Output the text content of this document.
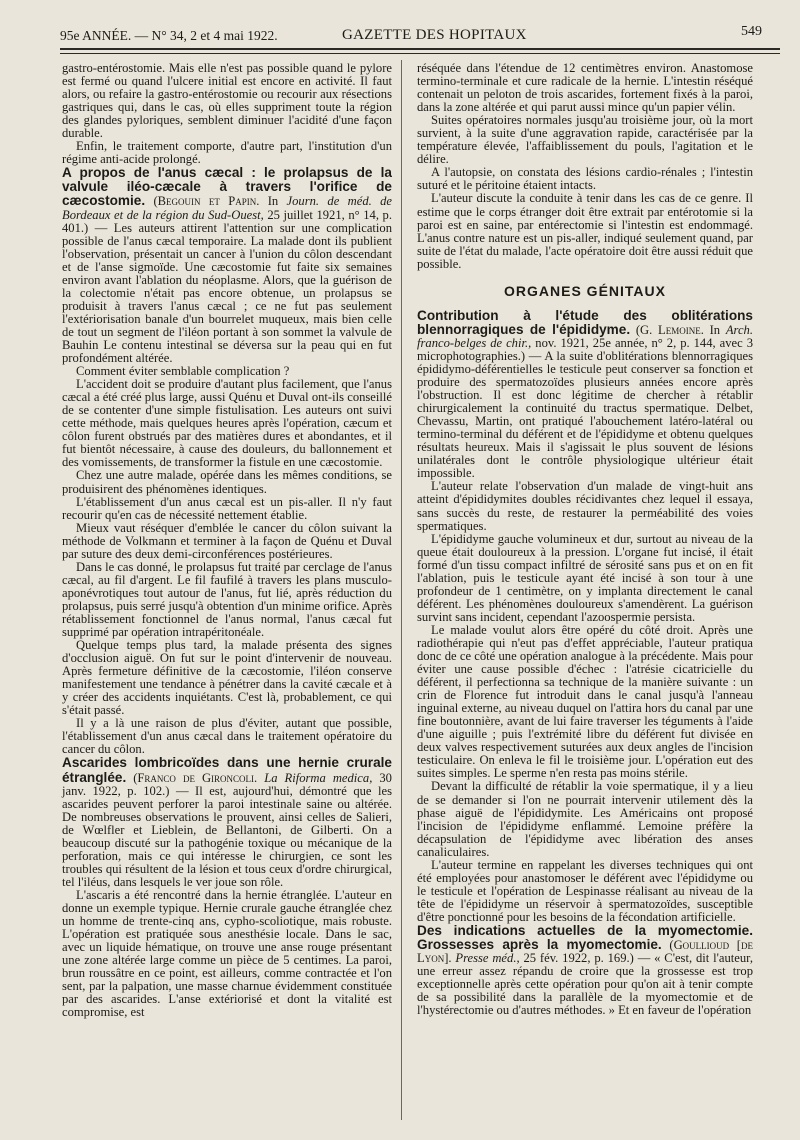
95e ANNÉE. — N° 34, 2 et 4 mai 1922.	GAZETTE DES HOPITAUX	549

gastro-entérostomie. Mais elle n'est pas possible quand le pylore est fermé ou quand l'ulcere initial est encore en activité. Il faut alors, ou refaire la gastro-entérostomie ou recourir aux résections gastriques qui, dans le cas, où elles suppriment toute la région des glandes pyloriques, semblent diminuer l'acidité d'une façon durable.

Enfin, le traitement comporte, d'autre part, l'institution d'un régime anti-acide prolongé.

A propos de l'anus cæcal : le prolapsus de la valvule iléo-cæcale à travers l'orifice de cæcostomie. (Begouin et Papin. In Journ. de méd. de Bordeaux et de la région du Sud-Ouest, 25 juillet 1921, n° 14, p. 401.) — Les auteurs attirent l'attention sur une complication possible de l'anus cæcal temporaire. La malade dont ils publient l'observation, présentait un cancer à l'union du côlon descendant et de l'anse sigmoïde. Une cæcostomie fut faite six semaines environ avant l'ablation du néoplasme. Alors, que la guérison de la colectomie n'était pas encore obtenue, un prolapsus se produisit à travers l'anus cæcal ; ce ne fut pas seulement l'extériorisation banale d'un bourrelet muqueux, mais bien celle de tout un segment de l'iléon portant à son sommet la valvule de Bauhin Le contenu intestinal se déversa sur la peau qui en fut profondément altérée.

Comment éviter semblable complication ?

L'accident doit se produire d'autant plus facilement, que l'anus cæcal a été créé plus large, aussi Quénu et Duval ont-ils conseillé de se contenter d'une simple fistulisation. Les auteurs ont suivi cette méthode, mais quelques heures après l'opération, cæcum et côlon furent obstrués par des matières dures et abondantes, et il fut bientôt nécessaire, à cause des douleurs, du ballonnement et des vomissements, de transformer la fistule en une cæcostomie.

Chez une autre malade, opérée dans les mêmes conditions, se produisirent des phénomènes identiques.

L'établissement d'un anus cæcal est un pis-aller. Il n'y faut recourir qu'en cas de nécessité nettement établie.

Mieux vaut réséquer d'emblée le cancer du côlon suivant la méthode de Volkmann et terminer à la façon de Quénu et Duval par suture des deux demi-circonférences postérieures.

Dans le cas donné, le prolapsus fut traité par cerclage de l'anus cæcal, au fil d'argent. Le fil faufilé à travers les plans musculo-aponévrotiques tout autour de l'anus, fut lié, après réduction du prolapsus, puis serré jusqu'à obtention d'un minime orifice. Après rétablissement fonctionnel de l'anus normal, l'anus cæcal fut supprimé par opération intrapéritonéale.

Quelque temps plus tard, la malade présenta des signes d'occlusion aiguë. On fut sur le point d'intervenir de nouveau. Après fermeture définitive de la cæcostomie, l'iléon conserve manifestement une tendance à pénétrer dans la cavité cæcale et à y créer des accidents inquiétants. C'est là, probablement, ce qui s'était passé.

Il y a là une raison de plus d'éviter, autant que possible, l'établissement d'un anus cæcal dans le traitement opératoire du cancer du côlon.

Ascarides lombricoïdes dans une hernie crurale étranglée. (Franco de Gironcoli. La Riforma medica, 30 janv. 1922, p. 102.) — Il est, aujourd'hui, démontré que les ascarides peuvent perforer la paroi intestinale saine ou altérée. De nombreuses observations le prouvent, ainsi celles de Salieri, de Wœlfler et Lieblein, de Bellantoni, de Gilberti. On a beaucoup discuté sur la pathogénie toxique ou mécanique de la perforation, mais ce qui intéresse le chirurgien, ce sont les troubles qui résultent de la lésion et tous ceux d'ordre chirurgical, tel l'iléus, dans lesquels le ver joue son rôle.

L'ascaris a été rencontré dans la hernie étranglée. L'auteur en donne un exemple typique. Hernie crurale gauche étranglée chez un homme de trente-cinq ans, cypho-scoliotique, mais robuste. L'opération est pratiquée sous anesthésie locale. Dans le sac, avec un liquide hématique, on trouve une anse rouge présentant une zone altérée large comme un pièce de 5 centimes. La paroi, brun roussâtre en ce point, est ailleurs, comme contractée et l'on sent, par la palpation, une masse charnue évidemment constituée par des ascarides. L'anse extériorisé et dont la vitalité est compromise, est

réséquée dans l'étendue de 12 centimètres environ. Anastomose termino-terminale et cure radicale de la hernie. L'intestin réséqué contenait un peloton de trois ascarides, fortement fixés à la paroi, dans la zone altérée et qui parut aussi mince qu'un papier vélin.

Suites opératoires normales jusqu'au troisième jour, où la mort survient, à la suite d'une aggravation rapide, caractérisée par la température élevée, l'affaiblissement du pouls, l'agitation et le délire.

A l'autopsie, on constata des lésions cardio-rénales ; l'intestin suturé et le péritoine étaient intacts.

L'auteur discute la conduite à tenir dans les cas de ce genre. Il estime que le corps étranger doit être extrait par entérotomie si la paroi est en saine, par entérectomie si l'intestin est endommagé. L'anus contre nature est un pis-aller, indiqué seulement quand, par suite de l'état du malade, l'acte opératoire doit être aussi réduit que possible.

ORGANES GÉNITAUX

Contribution à l'étude des oblitérations blennorragiques de l'épididyme. (G. Lemoine. In Arch. franco-belges de chir., nov. 1921, 25e année, n° 2, p. 144, avec 3 microphotographies.) — A la suite d'oblitérations blennorragiques épididymo-déférentielles le testicule peut conserver sa fonction et produire des spermatozoïdes plusieurs années encore après l'obstruction. Il est donc légitime de chercher à rétablir chirurgicalement la continuité du tractus spermatique. Delbet, Chevassu, Martin, ont pratiqué l'abouchement latéro-latéral ou termino-terminal du déférent et de l'épididyme et obtenu quelques résultats heureux. Mais il s'agissait le plus souvent de lésions unilatérales dont le contrôle physiologique ultérieur était impossible.

L'auteur relate l'observation d'un malade de vingt-huit ans atteint d'épididymites doubles récidivantes chez lequel il essaya, sans succès du reste, de restaurer la perméabilité des voies spermatiques.

L'épididyme gauche volumineux et dur, surtout au niveau de la queue était douloureux à la pression. L'organe fut incisé, il était formé d'un tissu compact infiltré de sérosité sans pus et on en fit l'ablation, puis le testicule ayant été incisé à son tour à une profondeur de 1 centimètre, on y implanta directement le canal déférent. Les phénomènes douloureux s'amendèrent. La guérison survint sans incident, cependant l'azoospermie persista.

Le malade voulut alors être opéré du côté droit. Après une radiothérapie qui n'eut pas d'effet appréciable, l'auteur pratiqua donc de ce côté une opération analogue à la précédente. Mais pour éviter une cause possible d'échec : l'atrésie cicatricielle du déférent, il perfectionna sa technique de la manière suivante : un crin de Florence fut introduit dans le canal jusqu'à l'anneau inguinal externe, au niveau duquel on l'attira hors du canal par une fine boutonnière, avant de lui faire traverser les téguments à l'aide d'une aiguille ; puis l'extrémité libre du déférent fut divisée en deux valves respectivement suturées aux deux angles de l'incision testiculaire. On enleva le fil le troisième jour. L'opération eut des suites simples. Le sperme n'en resta pas moins stérile.

Devant la difficulté de rétablir la voie spermatique, il y a lieu de se demander si l'on ne pourrait intervenir utilement dès la phase aiguë de l'épididymite. Les Américains ont proposé l'incision de l'épididyme enflammé. Lemoine préfère la décapsulation de l'épididyme avec libération des anses canaliculaires.

L'auteur termine en rappelant les diverses techniques qui ont été employées pour anastomoser le déférent avec l'épididyme ou le testicule et l'opération de Lespinasse réalisant au niveau de la tête de l'épididyme un réservoir à spermatozoïdes, susceptible d'être ponctionné pour les besoins de la fécondation artificielle.

Des indications actuelles de la myomectomie. Grossesses après la myomectomie. (Goullioud [de Lyon]. Presse méd., 25 fév. 1922, p. 169.) — « C'est, dit l'auteur, une erreur assez répandu de croire que la grossesse est trop exceptionnelle après cette opération pour qu'on ait à tenir compte de sa possibilité dans la parallèle de la myomectomie et de l'hystérectomie ou d'autres méthodes. » Et en faveur de l'opération
